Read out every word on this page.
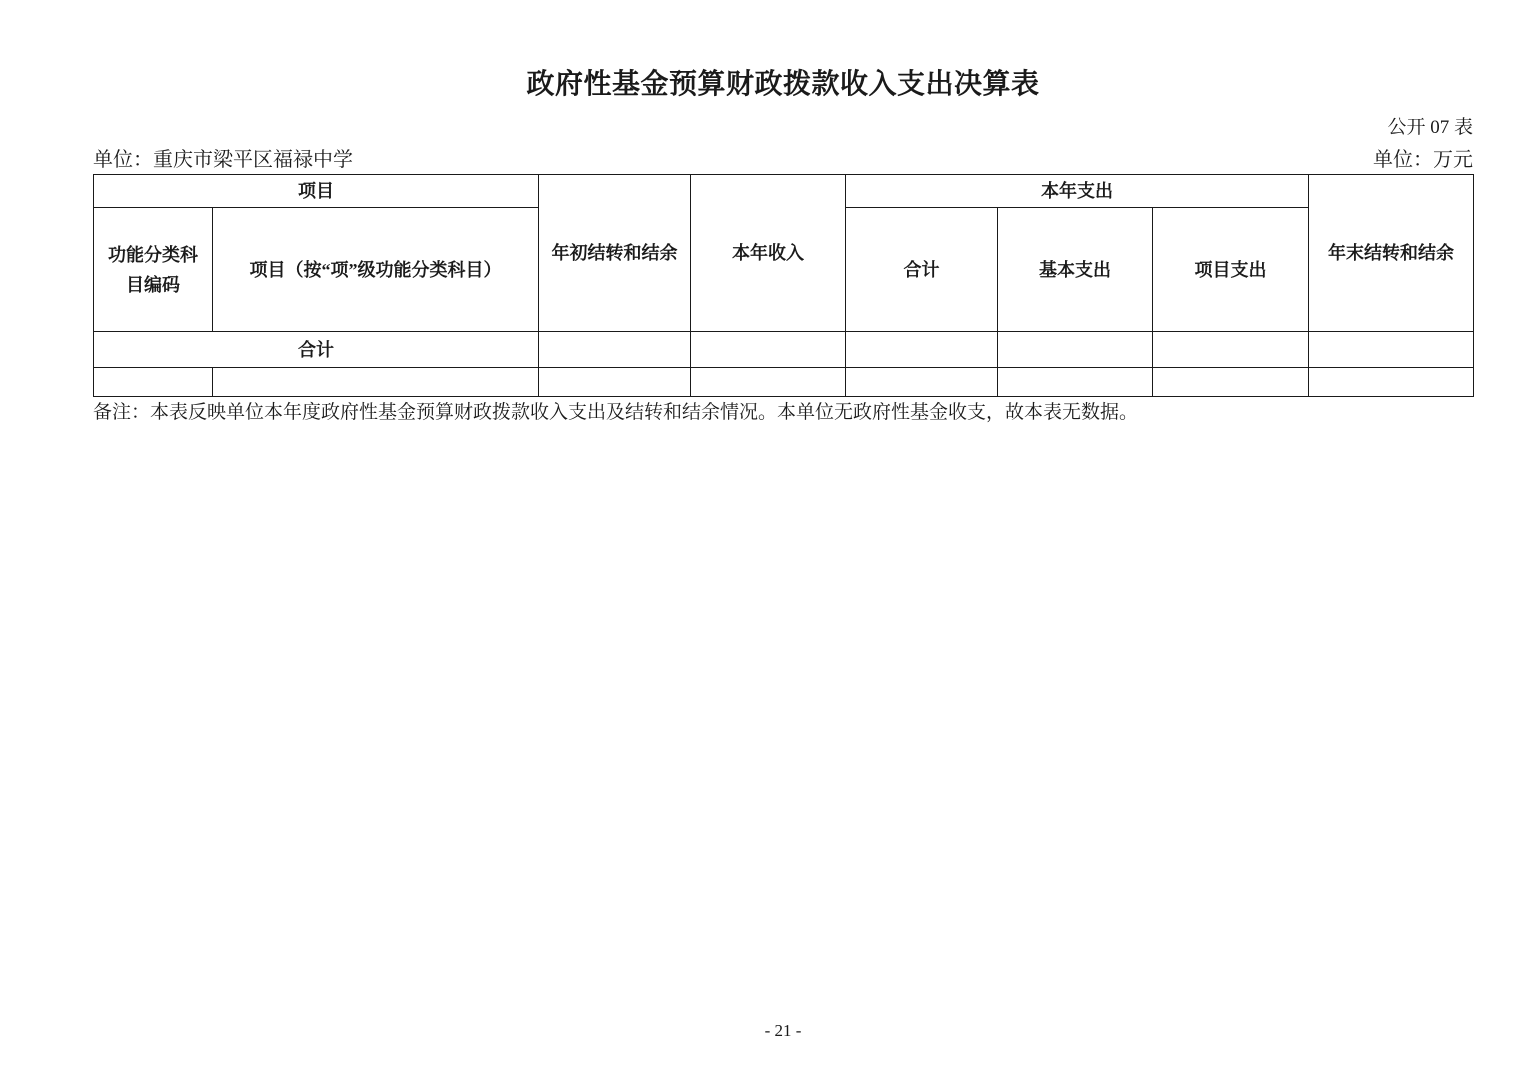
政府性基金预算财政拨款收入支出决算表
公开 07 表
单位：重庆市梁平区福禄中学	单位：万元
项目		年初结转和结余	本年收入	本年支出			年末结转和结余
功能分类科目编码	项目（按“项”级功能分类科目）			合计	基本支出	项目支出	
合计							

备注：本表反映单位本年度政府性基金预算财政拨款收入支出及结转和结余情况。本单位无政府性基金收支，故本表无数据。
- 21 -
